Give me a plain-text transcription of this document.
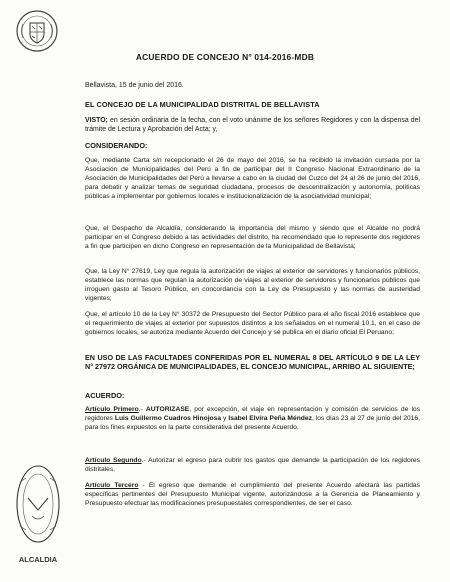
ACUERDO DE CONCEJO N° 014-2016-MDB
Bellavista, 15 de junio del 2016.
EL CONCEJO DE LA MUNICIPALIDAD DISTRITAL DE BELLAVISTA
VISTO; en sesión ordinaria de la fecha, con el voto unánime de los señores Regidores y con la dispensa del trámite de Lectura y Aprobación del Acta; y,
CONSIDERANDO:
Que, mediante Carta s/n recepcionado el 26 de mayo del 2016, se ha recibido la invitación cursada por la Asociación de Municipalidades del Perú a fin de participar del II Congreso Nacional Extraordinario de la Asociación de Municipalidades del Perú a llevarse a cabo en la ciudad del Cuzco del 24 al 26 de junio del 2016, para debatir y analizar temas de seguridad ciudadana, procesos de descentralización y autonomía, políticas públicas a implementar por gobiernos locales e institucionalización de la asociatividad municipal;
Que, el Despacho de Alcaldía, considerando la importancia del mismo y siendo que el Alcalde no podrá participar en el Congreso debido a las actividades del distrito, ha recomendado que lo represente dos regidores a fin que participen en dicho Congreso en representación de la Municipalidad de Bellavista;
Que, la Ley N° 27619, Ley que regula la autorización de viajes al exterior de servidores y funcionarios públicos, establece las normas que regulan la autorización de viajes al exterior de servidores y funcionarios públicos que irroguen gasto al Tesoro Público, en concordancia con la Ley de Presupuesto y las normas de austeridad vigentes;
Que, el artículo 10 de la Ley N° 30372 de Presupuesto del Sector Público para el año fiscal 2016 establece que el requerimiento de viajes al exterior por supuestos distintos a los señalados en el numeral 10.1, en el caso de gobiernos locales, se autoriza mediante Acuerdo del Concejo y se publica en el diario oficial El Peruano;
EN USO DE LAS FACULTADES CONFERIDAS POR EL NUMERAL 8 DEL ARTÍCULO 9 DE LA LEY N° 27972 ORGÁNICA DE MUNICIPALIDADES, EL CONCEJO MUNICIPAL, ARRIBO AL SIGUIENTE;
ACUERDO:
Artículo Primero.- AUTORIZASE, por excepción, el viaje en representación y comisión de servicios de los regidores Luis Guillermo Cuadros Hinojosa y Isabel Elvira Peña Méndez, los días 23 al 27 de junio del 2016, para los fines expuestos en la parte considerativa del presente Acuerdo.
Artículo Segundo.- Autorizar el egreso para cubrir los gastos que demande la participación de los regidores distritales.
Artículo Tercero - El egreso que demande el cumplimiento del presente Acuerdo afectará las partidas específicas pertinentes del Presupuesto Municipal vigente, autorizándose a la Gerencia de Planeamiento y Presupuesto efectuar las modificaciones presupuestales correspondientes, de ser el caso.
ALCALDIA
